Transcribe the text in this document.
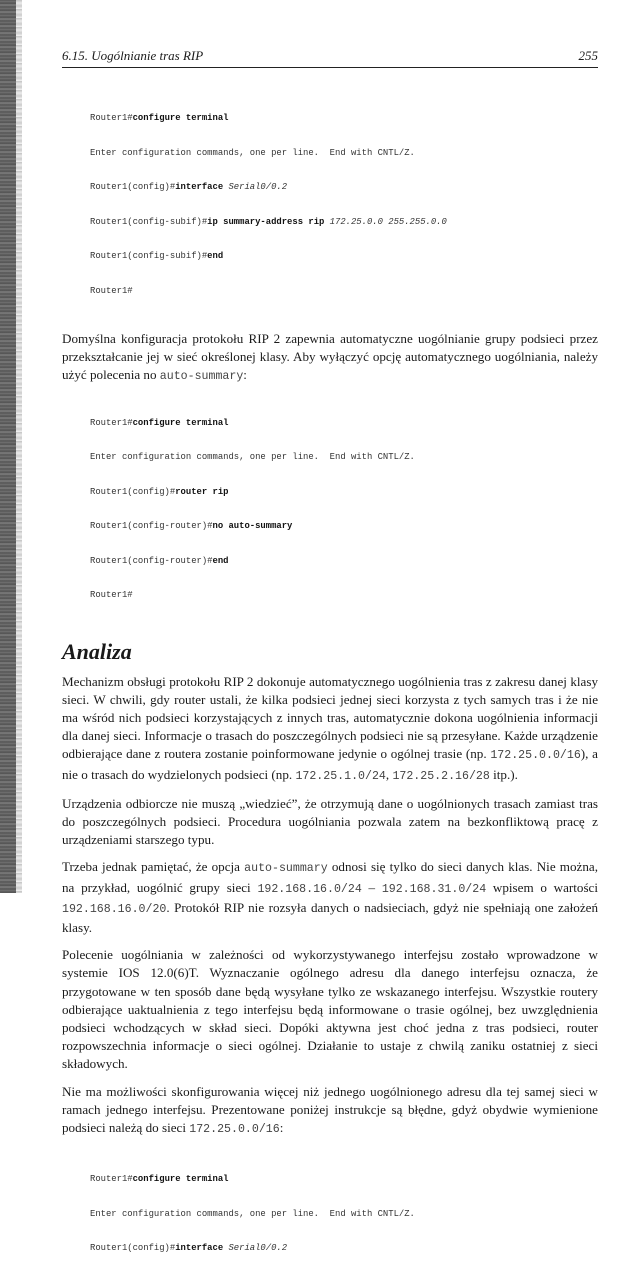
6.15. Uogólnianie tras RIP	255

Router1#configure terminal

Enter configuration commands, one per line.  End with CNTL/Z.

Router1(config)#interface Serial0/0.2

Router1(config-subif)#ip summary-address rip 172.25.0.0 255.255.0.0

Router1(config-subif)#end

Router1#

Domyślna konfiguracja protokołu RIP 2 zapewnia automatyczne uogólnianie grupy podsieci przez przekształcanie jej w sieć określonej klasy. Aby wyłączyć opcję automatycznego uogólniania, należy użyć polecenia no auto-summary:

Router1#configure terminal

Enter configuration commands, one per line.  End with CNTL/Z.

Router1(config)#router rip

Router1(config-router)#no auto-summary

Router1(config-router)#end

Router1#

Analiza

Mechanizm obsługi protokołu RIP 2 dokonuje automatycznego uogólnienia tras z zakresu danej klasy sieci. W chwili, gdy router ustali, że kilka podsieci jednej sieci korzysta z tych samych tras i że nie ma wśród nich podsieci korzystających z innych tras, automatycznie dokona uogólnienia informacji dla danej sieci. Informacje o trasach do poszczególnych podsieci nie są przesyłane. Każde urządzenie odbierające dane z routera zostanie poinformowane jedynie o ogólnej trasie (np. 172.25.0.0/16), a nie o trasach do wydzielonych podsieci (np. 172.25.1.0/24, 172.25.2.16/28 itp.).

Urządzenia odbiorcze nie muszą „wiedzieć”, że otrzymują dane o uogólnionych trasach zamiast tras do poszczególnych podsieci. Procedura uogólniania pozwala zatem na bezkonfliktową pracę z urządzeniami starszego typu.

Trzeba jednak pamiętać, że opcja auto-summary odnosi się tylko do sieci danych klas. Nie można, na przykład, uogólnić grupy sieci 192.168.16.0/24 – 192.168.31.0/24 wpisem o wartości 192.168.16.0/20. Protokół RIP nie rozsyła danych o nadsieciach, gdyż nie spełniają one założeń klasy.

Polecenie uogólniania w zależności od wykorzystywanego interfejsu zostało wprowadzone w systemie IOS 12.0(6)T. Wyznaczanie ogólnego adresu dla danego interfejsu oznacza, że przygotowane w ten sposób dane będą wysyłane tylko ze wskazanego interfejsu. Wszystkie routery odbierające uaktualnienia z tego interfejsu będą informowane o trasie ogólnej, bez uwzględnienia podsieci wchodzących w skład sieci. Dopóki aktywna jest choć jedna z tras podsieci, router rozpowszechnia informacje o sieci ogólnej. Działanie to ustaje z chwilą zaniku ostatniej z sieci składowych.

Nie ma możliwości skonfigurowania więcej niż jednego uogólnionego adresu dla tej samej sieci w ramach jednego interfejsu. Prezentowane poniżej instrukcje są błędne, gdyż obydwie wymienione podsieci należą do sieci 172.25.0.0/16:

Router1#configure terminal

Enter configuration commands, one per line.  End with CNTL/Z.

Router1(config)#interface Serial0/0.2
